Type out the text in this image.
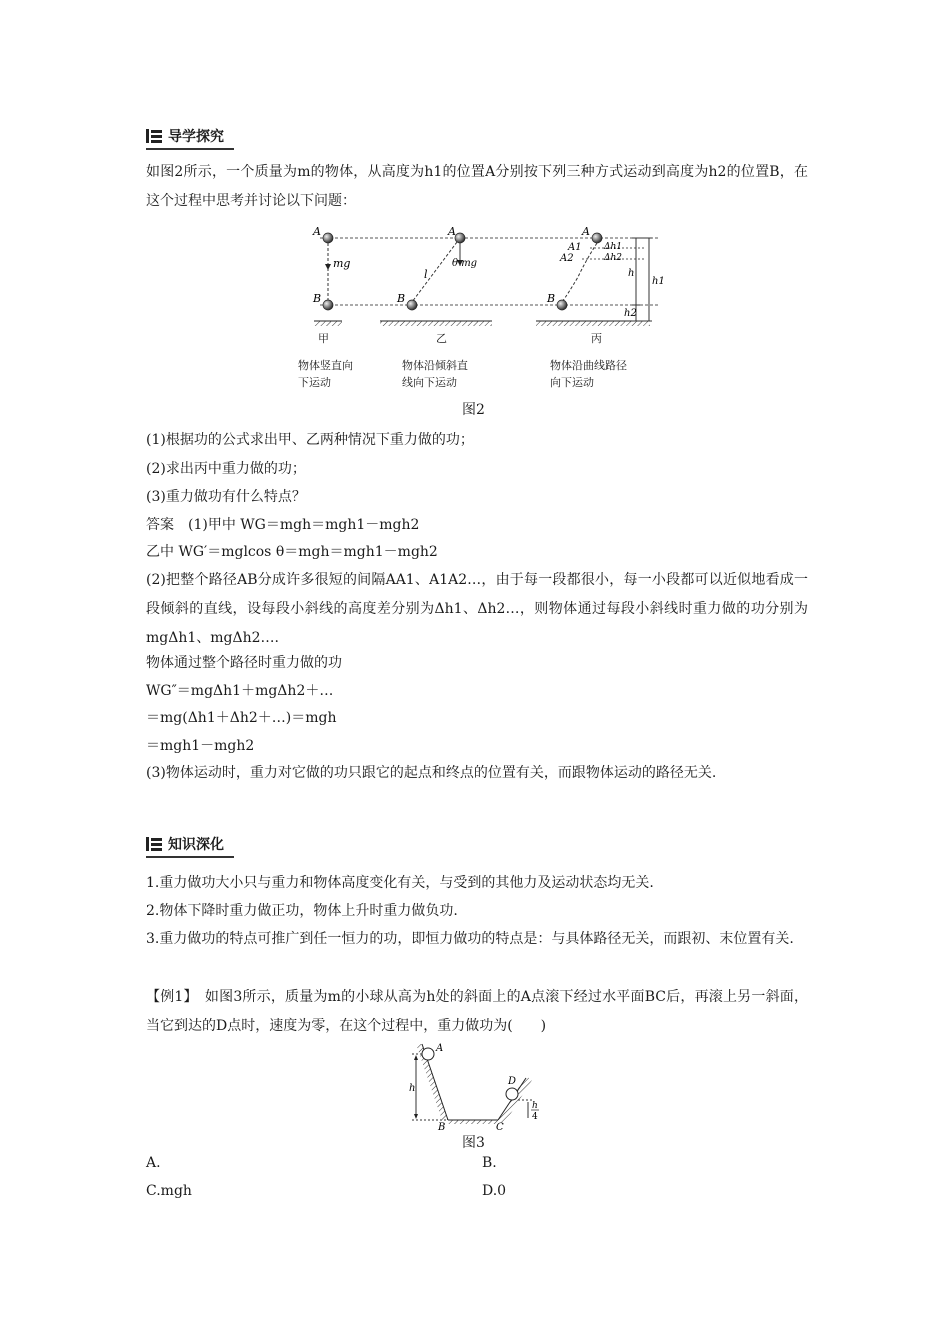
导学探究
如图2所示，一个质量为m的物体，从高度为h1的位置A分别按下列三种方式运动到高度为h2的位置B，在这个过程中思考并讨论以下问题：
A
mg
B
A
θ mg
l
B
A
A1
A2
Δh1
Δh2
h
h1
h2
B
甲	乙	丙
物体竖直向
下运动
物体沿倾斜直
线向下运动
物体沿曲线路径
向下运动
图2
(1)根据功的公式求出甲、乙两种情况下重力做的功；
(2)求出丙中重力做的功；
(3)重力做功有什么特点？
答案　(1)甲中 WG＝mgh＝mgh1－mgh2
乙中 WG′＝mglcos θ＝mgh＝mgh1－mgh2
(2)把整个路径AB分成许多很短的间隔AA1、A1A2…，由于每一段都很小，每一小段都可以近似地看成一段倾斜的直线，设每段小斜线的高度差分别为Δh1、Δh2…，则物体通过每段小斜线时重力做的功分别为mgΔh1、mgΔh2….
物体通过整个路径时重力做的功
WG″＝mgΔh1＋mgΔh2＋…
＝mg(Δh1＋Δh2＋…)＝mgh
＝mgh1－mgh2
(3)物体运动时，重力对它做的功只跟它的起点和终点的位置有关，而跟物体运动的路径无关.
知识深化
1.重力做功大小只与重力和物体高度变化有关，与受到的其他力及运动状态均无关.
2.物体下降时重力做正功，物体上升时重力做负功.
3.重力做功的特点可推广到任一恒力的功，即恒力做功的特点是：与具体路径无关，而跟初、末位置有关.
【例1】　如图3所示，质量为m的小球从高为h处的斜面上的A点滚下经过水平面BC后，再滚上另一斜面，当它到达的D点时，速度为零，在这个过程中，重力做功为(　　)
A
h
B	C
D
h
4
图3
A.	B.
C.mgh	D.0
